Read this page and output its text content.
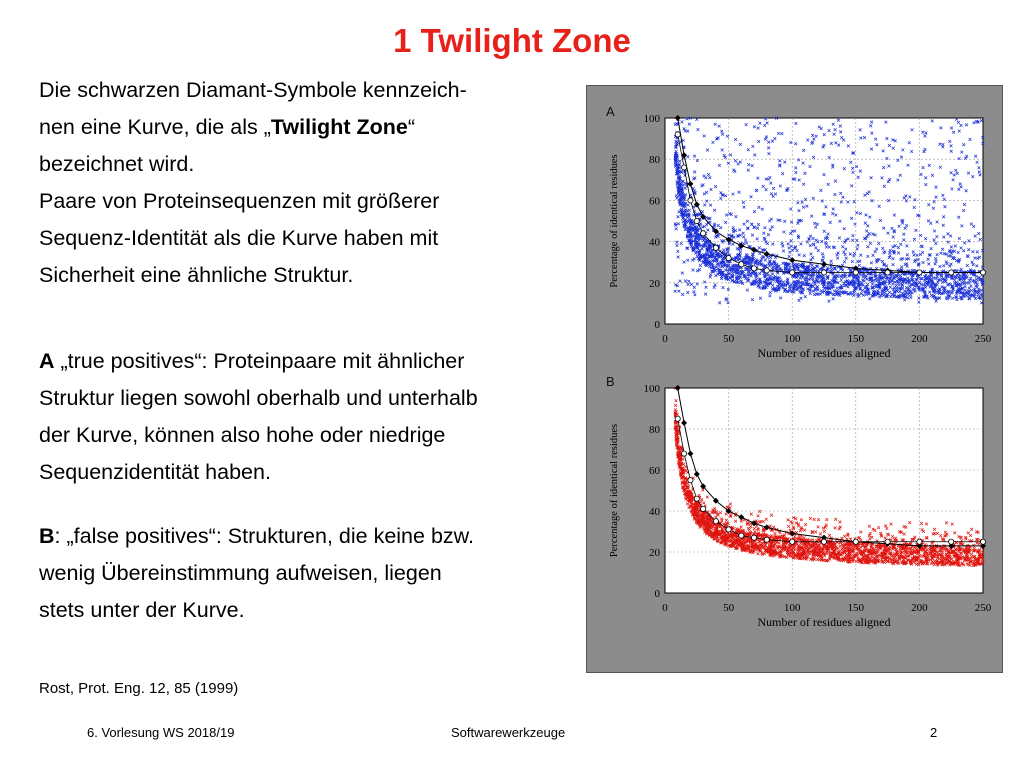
1 Twilight Zone

Die schwarzen Diamant-Symbole kennzeich-
nen eine Kurve, die als „Twilight Zone“
bezeichnet wird.

Paare von Proteinsequenzen mit größerer
Sequenz-Identität als die Kurve haben mit
Sicherheit eine ähnliche Struktur.

A „true positives“: Proteinpaare mit ähnlicher
Struktur liegen sowohl oberhalb und unterhalb
der Kurve, können also hohe oder niedrige
Sequenzidentität haben.

B: „false positives“: Strukturen, die keine bzw.
wenig Übereinstimmung aufweisen, liegen
stets unter der Kurve.

Rost, Prot. Eng. 12, 85 (1999)
A
0	50	100	150	200	250
0
20
40
60
80
100
Number of residues aligned
Percentage of identical residues
B
0	50	100	150	200	250
0
20
40
60
80
100
Number of residues aligned
Percentage of identical residues
6. Vorlesung WS 2018/19	Softwarewerkzeuge	2
